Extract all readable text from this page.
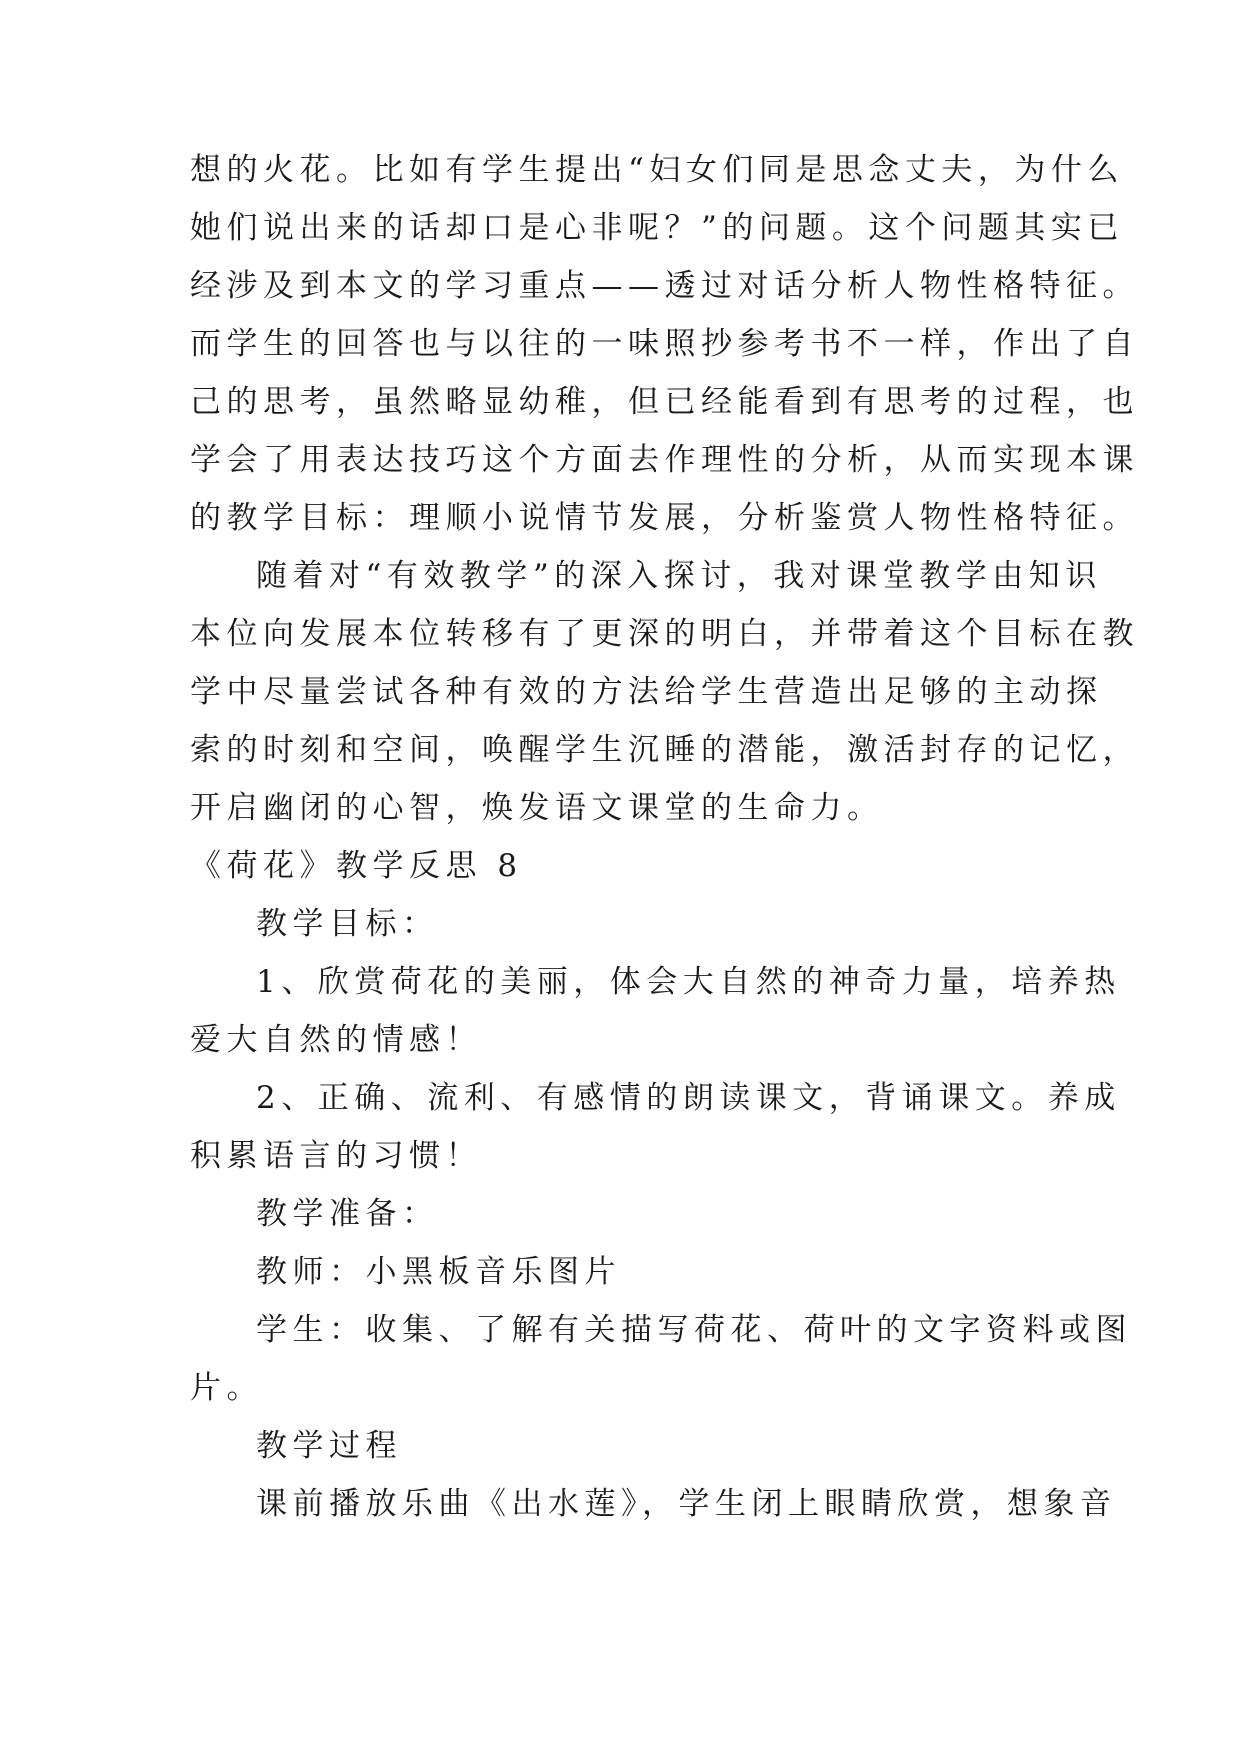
想的火花。比如有学生提出“妇女们同是思念丈夫，为什么
她们说出来的话却口是心非呢？”的问题。这个问题其实已
经涉及到本文的学习重点——透过对话分析人物性格特征。
而学生的回答也与以往的一味照抄参考书不一样，作出了自
己的思考，虽然略显幼稚，但已经能看到有思考的过程，也
学会了用表达技巧这个方面去作理性的分析，从而实现本课
的教学目标：理顺小说情节发展，分析鉴赏人物性格特征。
随着对“有效教学”的深入探讨，我对课堂教学由知识
本位向发展本位转移有了更深的明白，并带着这个目标在教
学中尽量尝试各种有效的方法给学生营造出足够的主动探
索的时刻和空间，唤醒学生沉睡的潜能，激活封存的记忆，
开启幽闭的心智，焕发语文课堂的生命力。
《荷花》教学反思 8
教学目标：
1、欣赏荷花的美丽，体会大自然的神奇力量，培养热
爱大自然的情感！
2、正确、流利、有感情的朗读课文，背诵课文。养成
积累语言的习惯！
教学准备：
教师：小黑板音乐图片
学生：收集、了解有关描写荷花、荷叶的文字资料或图
片。
教学过程
课前播放乐曲《出水莲》，学生闭上眼睛欣赏，想象音
